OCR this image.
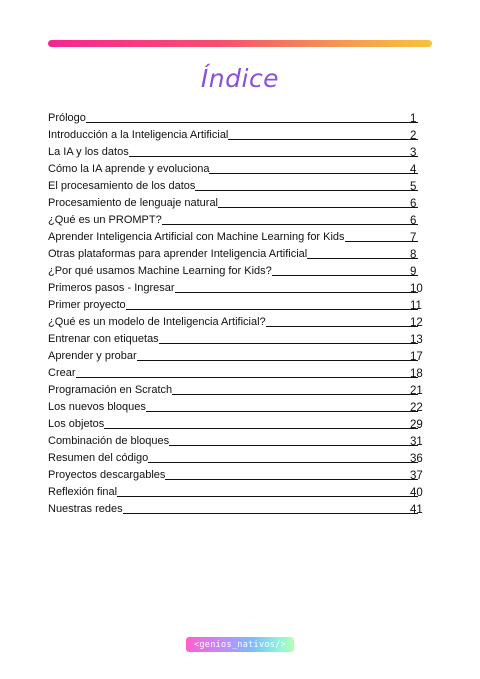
Índice
Prólogo	1
Introducción a la Inteligencia Artificial	2
La IA y los datos	3
Cómo la IA aprende y evoluciona	4
El procesamiento de los datos	5
Procesamiento de lenguaje natural	6
¿Qué es un PROMPT?	6
Aprender Inteligencia Artificial con Machine Learning for Kids	7
Otras plataformas para aprender Inteligencia Artificial	8
¿Por qué usamos Machine Learning for Kids?	9
Primeros pasos - Ingresar	10
Primer proyecto	11
¿Qué es un modelo de Inteligencia Artificial?	12
Entrenar con etiquetas	13
Aprender y probar	17
Crear	18
Programación en Scratch	21
Los nuevos bloques	22
Los objetos	29
Combinación de bloques	31
Resumen del código	36
Proyectos descargables	37
Reflexión final	40
Nuestras redes	41
<genios_nativos/>
